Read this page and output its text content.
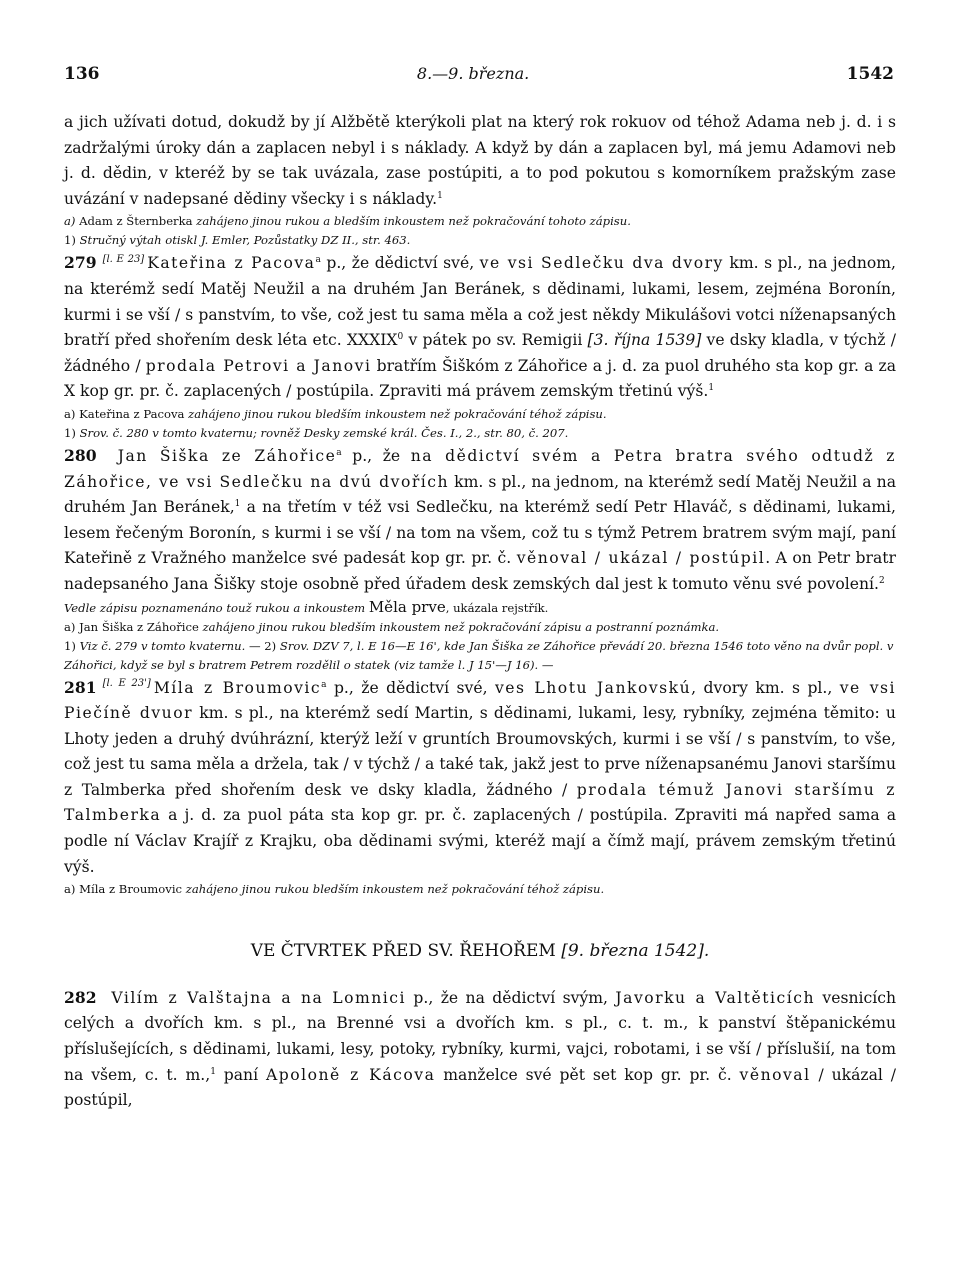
136	8.—9. března.	1542

a jich užívati dotud, dokudž by jí Alžbětě kterýkoli plat na který rok rokuov od téhož Adama neb j. d. i s zadržalými úroky dán a zaplacen nebyl i s náklady. A když by dán a zaplacen byl, má jemu Adamovi neb j. d. dědin, v kteréž by se tak uvázala, zase postúpiti, a to pod pokutou s komorníkem pražským zase uvázání v nadepsané dědiny všecky i s náklady.$^1$

a) Adam z Šternberka zahájeno jinou rukou a bledším inkoustem než pokračování tohoto zápisu.

1) Stručný výtah otiskl J. Emler, Pozůstatky DZ II., str. 463.

279 [l. E 23] Kateřina z Pacova$^a$ p., že dědictví své, ve vsi Sedlečku dva dvory km. s pl., na jednom, na kterémž sedí Matěj Neužil a na druhém Jan Beránek, s dědinami, lukami, lesem, zejména Boronín, kurmi i se vší / s panstvím, to vše, což jest tu sama měla a což jest někdy Mikulášovi votci níženapsaných bratří před shořením desk léta etc. XXXIX$^0$ v pátek po sv. Remigii [3. října 1539] ve dsky kladla, v týchž / žádného / prodala Petrovi a Janovi bratřím Šiškóm z Záhořice a j. d. za puol druhého sta kop gr. a za X kop gr. pr. č. zaplacených / postúpila. Zpraviti má právem zemským třetinú výš.$^1$

a) Kateřina z Pacova zahájeno jinou rukou bledším inkoustem než pokračování téhož zápisu.

1) Srov. č. 280 v tomto kvaternu; rovněž Desky zemské král. Čes. I., 2., str. 80, č. 207.

280 Jan Šiška ze Záhořice$^a$ p., že na dědictví svém a Petra bratra svého odtudž z Záhořice, ve vsi Sedlečku na dvú dvořích km. s pl., na jednom, na kterémž sedí Matěj Neužil a na druhém Jan Beránek,$^1$ a na třetím v též vsi Sedlečku, na kterémž sedí Petr Hlaváč, s dědinami, lukami, lesem řečeným Boronín, s kurmi i se vší / na tom na všem, což tu s týmž Petrem bratrem svým mají, paní Kateřině z Vražného manželce své padesát kop gr. pr. č. věnoval / ukázal / postúpil. A on Petr bratr nadepsaného Jana Šišky stoje osobně před úřadem desk zemských dal jest k tomuto věnu své povolení.$^2$

Vedle zápisu poznamenáno touž rukou a inkoustem Měla prve, ukázala rejstřík.

a) Jan Šiška z Záhořice zahájeno jinou rukou bledším inkoustem než pokračování zápisu a postranní poznámka.

1) Viz č. 279 v tomto kvaternu. — 2) Srov. DZV 7, l. E 16—E 16', kde Jan Šiška ze Záhořice převádí 20. března 1546 toto věno na dvůr popl. v Záhořici, když se byl s bratrem Petrem rozdělil o statek (viz tamže l. J 15'—J 16). —

281 [l. E 23'] Míla z Broumovic$^a$ p., že dědictví své, ves Lhotu Jankovskú, dvory km. s pl., ve vsi Piečíně dvuor km. s pl., na kterémž sedí Martin, s dědinami, lukami, lesy, rybníky, zejména těmito: u Lhoty jeden a druhý dvúhrázní, kterýž leží v gruntích Broumovských, kurmi i se vší / s panstvím, to vše, což jest tu sama měla a držela, tak / v týchž / a také tak, jakž jest to prve níženapsanému Janovi staršímu z Talmberka před shořením desk ve dsky kladla, žádného / prodala témuž Janovi staršímu z Talmberka a j. d. za puol páta sta kop gr. pr. č. zaplacených / postúpila. Zpraviti má napřed sama a podle ní Václav Krajíř z Krajku, oba dědinami svými, kteréž mají a čímž mají, právem zemským třetinú výš.

a) Míla z Broumovic zahájeno jinou rukou bledším inkoustem než pokračování téhož zápisu.

VE ČTVRTEK PŘED SV. ŘEHOŘEM [9. března 1542].

282 Vilím z Valštajna a na Lomnici p., že na dědictví svým, Javorku a Valtěticích vesnicích celých a dvořích km. s pl., na Brenné vsi a dvořích km. s pl., c. t. m., k panství štěpanickému příslušejících, s dědinami, lukami, lesy, potoky, rybníky, kurmi, vajci, robotami, i se vší / příslušií, na tom na všem, c. t. m.,$^1$ paní Apoloně z Kácova manželce své pět set kop gr. pr. č. věnoval / ukázal / postúpil,
